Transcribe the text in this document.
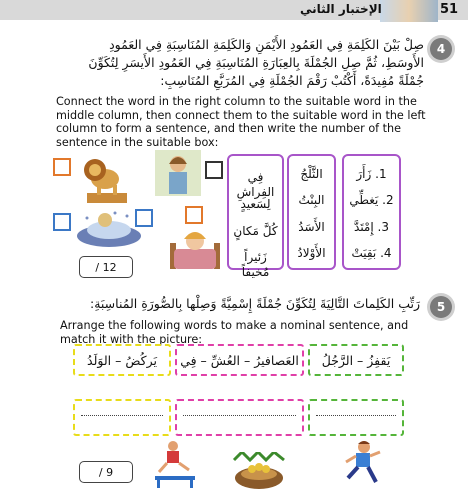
الإختبار الثاني	51
4
صِلْ بَيْنَ الكَلِمَةِ فِي العَمُودِ الأَيْمَنِ وَالكَلِمَةِ المُنَاسِبَةِ فِي العَمُودِ
الأَوسَطِ، ثُمَّ صِلِ الجُمْلَةَ بِالعِبَارَةِ المُنَاسِبَةِ فِي العَمُودِ الأَيسَرِ لِتُكَوِّنَ
جُمْلَةً مُفِيدَةً، أَكْتُبْ رَقْمَ الجُمْلَةِ فِي المُرَبَّعِ المُنَاسِبِ:
Connect the word in the right column to the suitable word in the middle column, then connect them to the suitable word in the left column to form a sentence, and then write the number of the sentence in the suitable box:
/ 12
فِي الفِراشِ
لِسَعيدٍ
كُلَّ مَكانٍ
زَئيراً مُخيفاً
الثَّلْجُ
البِنْتُ
الأَسَدُ
الأَوْلادُ
1. زَأَرَ
2. يَغطِّي
3. إِمْتَدَّ
4. بَقِيَتْ
5
رَتِّبِ الكَلِماتَ التَّالِيَةَ لِتُكَوِّنَ جُمْلَةً إِسْمِيَّةً وَصِلْها بِالصُّورَةِ المُناسِبَةِ:
Arrange the following words to make a nominal sentence, and match it with the picture:
يَقفِزُ – الرَّجُلُ
العَصافيرُ – العُشِّ – فِي
يَركُضُ – الوَلَدُ
/ 9
